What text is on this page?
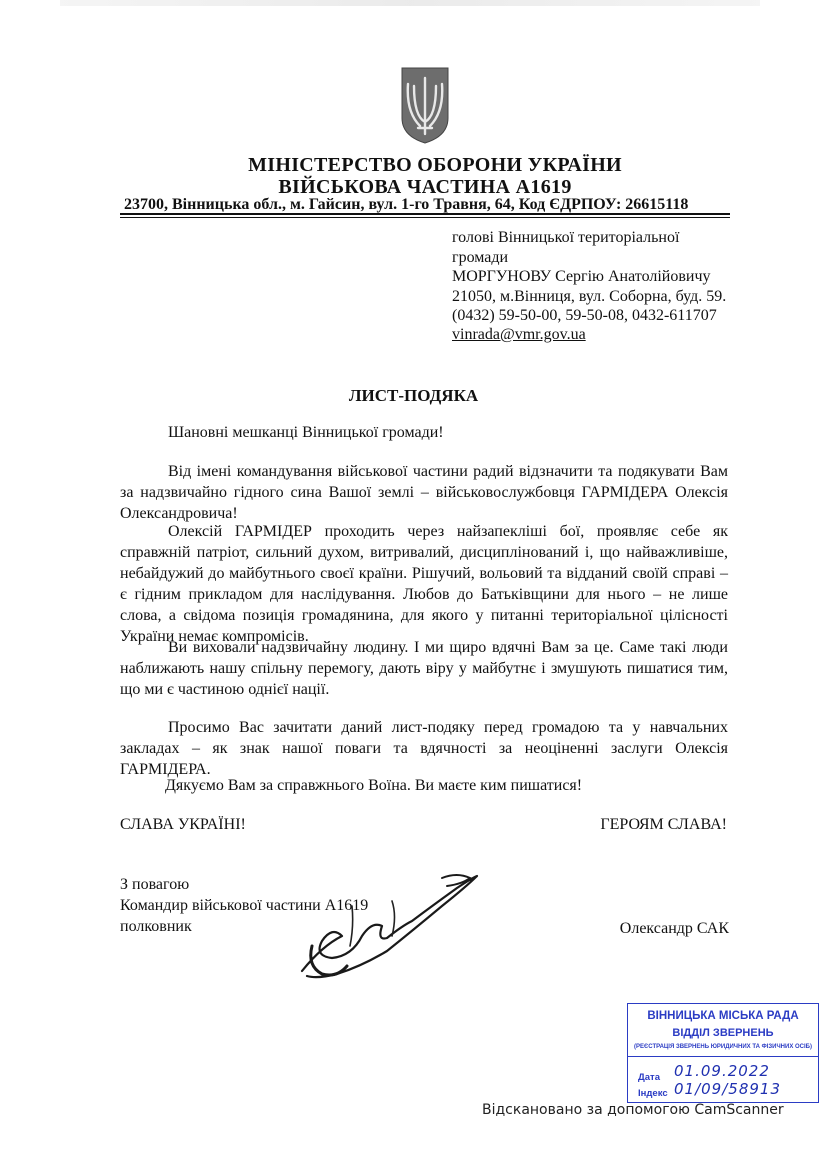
МІНІСТЕРСТВО ОБОРОНИ УКРАЇНИ
ВІЙСЬКОВА ЧАСТИНА А1619
23700, Вінницька обл., м. Гайсин, вул. 1-го Травня, 64, Код ЄДРПОУ: 26615118
голові Вінницької територіальної
громади
МОРГУНОВУ Сергію Анатолійовичу
21050, м.Вінниця, вул. Соборна, буд. 59.
(0432) 59-50-00, 59-50-08, 0432-611707
vinrada@vmr.gov.ua
ЛИСТ-ПОДЯКА
Шановні мешканці Вінницької громади!
Від імені командування військової частини радий відзначити та подякувати Вам за надзвичайно гідного сина Вашої землі – військовослужбовця ГАРМІДЕРА Олексія Олександровича!
Олексій ГАРМІДЕР проходить через найзапекліші бої, проявляє себе як справжній патріот, сильний духом, витривалий, дисциплінований і, що найважливіше, небайдужий до майбутнього своєї країни. Рішучий, вольовий та відданий своїй справі – є гідним прикладом для наслідування. Любов до Батьківщини для нього – не лише слова, а свідома позиція громадянина, для якого у питанні територіальної цілісності України немає компромісів.
Ви виховали надзвичайну людину. І ми щиро вдячні Вам за це. Саме такі люди наближають нашу спільну перемогу, дають віру у майбутнє і змушують пишатися тим, що ми є частиною однієї нації.
Просимо Вас зачитати даний лист-подяку перед громадою та у навчальних закладах – як знак нашої поваги та вдячності за неоціненні заслуги Олексія ГАРМІДЕРА.
Дякуємо Вам за справжнього Воїна. Ви маєте ким пишатися!
СЛАВА УКРАЇНІ!	ГЕРОЯМ СЛАВА!
З повагою
Командир військової частини А1619
полковник	Олександр САК
ВІННИЦЬКА МІСЬКА РАДА
ВІДДІЛ ЗВЕРНЕНЬ
(РЕЄСТРАЦІЯ ЗВЕРНЕНЬ ЮРИДИЧНИХ ТА ФІЗИЧНИХ ОСІБ)
Дата 01.09.2022
Індекс 01/09/58913
Відскановано за допомогою CamScanner
